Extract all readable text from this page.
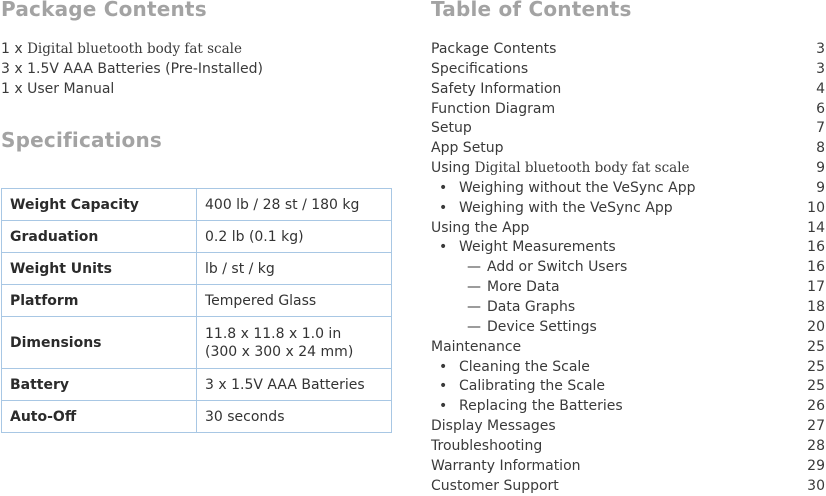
Package Contents
1 x Digital bluetooth body fat scale
3 x 1.5V AAA Batteries (Pre-Installed)
1 x User Manual
Specifications
Weight Capacity	400 lb / 28 st / 180 kg
Graduation	0.2 lb (0.1 kg)
Weight Units	lb / st / kg
Platform	Tempered Glass
Dimensions	11.8 x 11.8 x 1.0 in
(300 x 300 x 24 mm)

Battery	3 x 1.5V AAA Batteries
Auto-Off	30 seconds
Table of Contents
Package Contents	3
Specifications	3
Safety Information	4
Function Diagram	6
Setup	7
App Setup	8
Using Digital bluetooth body fat scale	9
• Weighing without the VeSync App	9
• Weighing with the VeSync App	10
Using the App	14
• Weight Measurements	16
— Add or Switch Users	16
— More Data	17
— Data Graphs	18
— Device Settings	20
Maintenance	25
• Cleaning the Scale	25
• Calibrating the Scale	25
• Replacing the Batteries	26
Display Messages	27
Troubleshooting	28
Warranty Information	29
Customer Support	30
